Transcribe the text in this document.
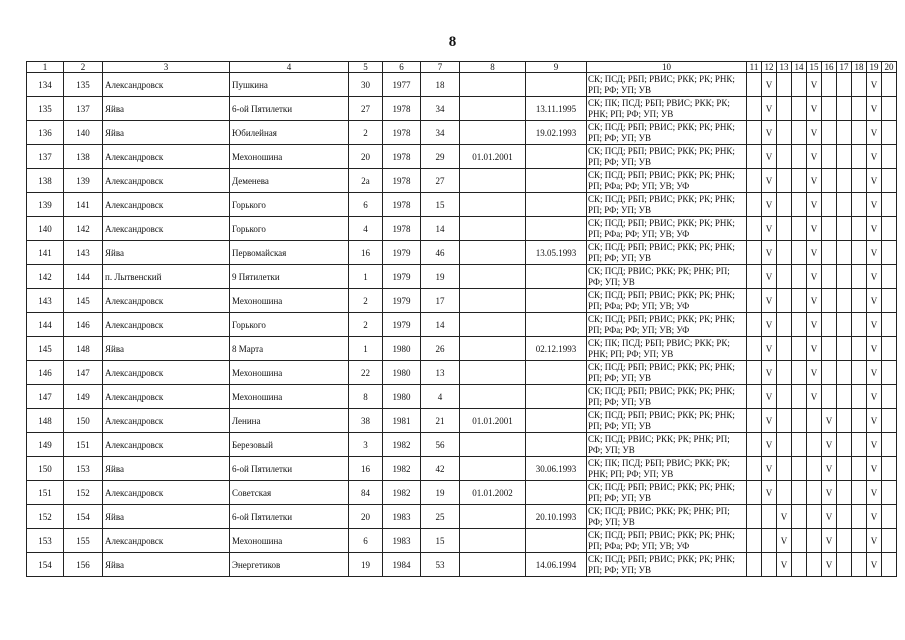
8
1	2	3	4	5	6	7	8	9	10	11	12	13	14	15	16	17	18	19	20
134	135	Александровск	Пушкина	30	1977	18			СК; ПСД; РБП; РВИС; РКК; РК; РНК; РП; РФ; УП; УВ		V			V				V	
135	137	Яйва	6-ой Пятилетки	27	1978	34		13.11.1995	СК; ПК; ПСД; РБП; РВИС; РКК; РК; РНК; РП; РФ; УП; УВ		V			V				V	
136	140	Яйва	Юбилейная	2	1978	34		19.02.1993	СК; ПСД; РБП; РВИС; РКК; РК; РНК; РП; РФ; УП; УВ		V			V				V	
137	138	Александровск	Мехоношина	20	1978	29	01.01.2001		СК; ПСД; РБП; РВИС; РКК; РК; РНК; РП; РФ; УП; УВ		V			V				V	
138	139	Александровск	Деменева	2а	1978	27			СК; ПСД; РБП; РВИС; РКК; РК; РНК; РП; РФа; РФ; УП; УВ; УФ		V			V				V	
139	141	Александровск	Горького	6	1978	15			СК; ПСД; РБП; РВИС; РКК; РК; РНК; РП; РФ; УП; УВ		V			V				V	
140	142	Александровск	Горького	4	1978	14			СК; ПСД; РБП; РВИС; РКК; РК; РНК; РП; РФа; РФ; УП; УВ; УФ		V			V				V	
141	143	Яйва	Первомайская	16	1979	46		13.05.1993	СК; ПСД; РБП; РВИС; РКК; РК; РНК; РП; РФ; УП; УВ		V			V				V	
142	144	п. Лытвенский	9 Пятилетки	1	1979	19			СК; ПСД; РВИС; РКК; РК; РНК; РП; РФ; УП; УВ		V			V				V	
143	145	Александровск	Мехоношина	2	1979	17			СК; ПСД; РБП; РВИС; РКК; РК; РНК; РП; РФа; РФ; УП; УВ; УФ		V			V				V	
144	146	Александровск	Горького	2	1979	14			СК; ПСД; РБП; РВИС; РКК; РК; РНК; РП; РФа; РФ; УП; УВ; УФ		V			V				V	
145	148	Яйва	8 Марта	1	1980	26		02.12.1993	СК; ПК; ПСД; РБП; РВИС; РКК; РК; РНК; РП; РФ; УП; УВ		V			V				V	
146	147	Александровск	Мехоношина	22	1980	13			СК; ПСД; РБП; РВИС; РКК; РК; РНК; РП; РФ; УП; УВ		V			V				V	
147	149	Александровск	Мехоношина	8	1980	4			СК; ПСД; РБП; РВИС; РКК; РК; РНК; РП; РФ; УП; УВ		V			V				V	
148	150	Александровск	Ленина	38	1981	21	01.01.2001		СК; ПСД; РБП; РВИС; РКК; РК; РНК; РП; РФ; УП; УВ		V				V			V	
149	151	Александровск	Березовый	3	1982	56			СК; ПСД; РВИС; РКК; РК; РНК; РП; РФ; УП; УВ		V				V			V	
150	153	Яйва	6-ой Пятилетки	16	1982	42		30.06.1993	СК; ПК; ПСД; РБП; РВИС; РКК; РК; РНК; РП; РФ; УП; УВ		V				V			V	
151	152	Александровск	Советская	84	1982	19	01.01.2002		СК; ПСД; РБП; РВИС; РКК; РК; РНК; РП; РФ; УП; УВ		V				V			V	
152	154	Яйва	6-ой Пятилетки	20	1983	25		20.10.1993	СК; ПСД; РВИС; РКК; РК; РНК; РП; РФ; УП; УВ			V			V			V	
153	155	Александровск	Мехоношина	6	1983	15			СК; ПСД; РБП; РВИС; РКК; РК; РНК; РП; РФа; РФ; УП; УВ; УФ			V			V			V	
154	156	Яйва	Энергетиков	19	1984	53		14.06.1994	СК; ПСД; РБП; РВИС; РКК; РК; РНК; РП; РФ; УП; УВ			V			V			V	
